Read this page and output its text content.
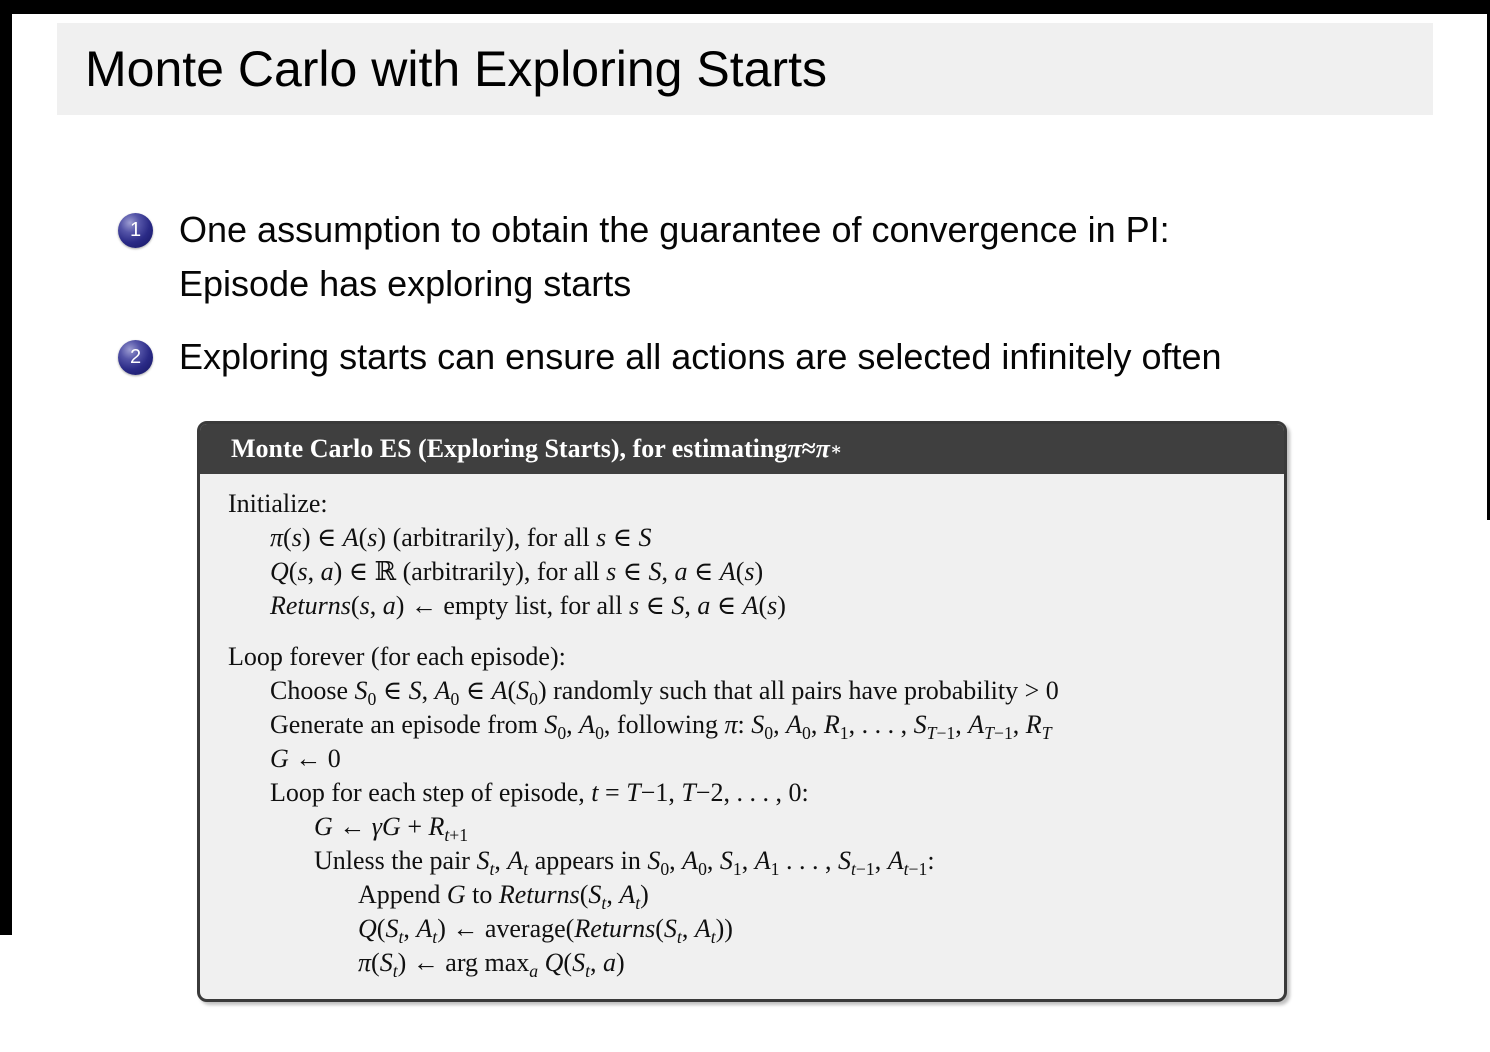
Monte Carlo with Exploring Starts
1 One assumption to obtain the guarantee of convergence in PI:
Episode has exploring starts
2 Exploring starts can ensure all actions are selected infinitely often
Monte Carlo ES (Exploring Starts), for estimating π ≈ π ∗
Initialize:
π(s) ∈ A(s) (arbitrarily), for all s ∈ S
Q(s, a) ∈ ℝ (arbitrarily), for all s ∈ S, a ∈ A(s)
Returns(s, a) ← empty list, for all s ∈ S, a ∈ A(s)
Loop forever (for each episode):
Choose $S_0$ ∈ S, $A_0$ ∈ $A(S_0)$ randomly such that all pairs have probability > 0
Generate an episode from $S_0$, $A_0$, following π: $S_0$, $A_0$, $R_1$, . . . , $S_{T-1}$, $A_{T-1}$, $R_T$
G ← 0
Loop for each step of episode, t = T−1, T−2, . . . , 0:
G ← $\gamma G + R_{t+1}$
Unless the pair $S_t$, $A_t$ appears in $S_0$, $A_0$, $S_1$, $A_1$ . . . , $S_{t-1}$, $A_{t-1}$:
Append G to $Returns(S_t$, $A_t$)
$Q(S_t$, $A_t$) ← $average(Returns(S_t$, $A_t$))
$\pi(S_t)$ ← arg $\max_a Q(S_t$, a)
